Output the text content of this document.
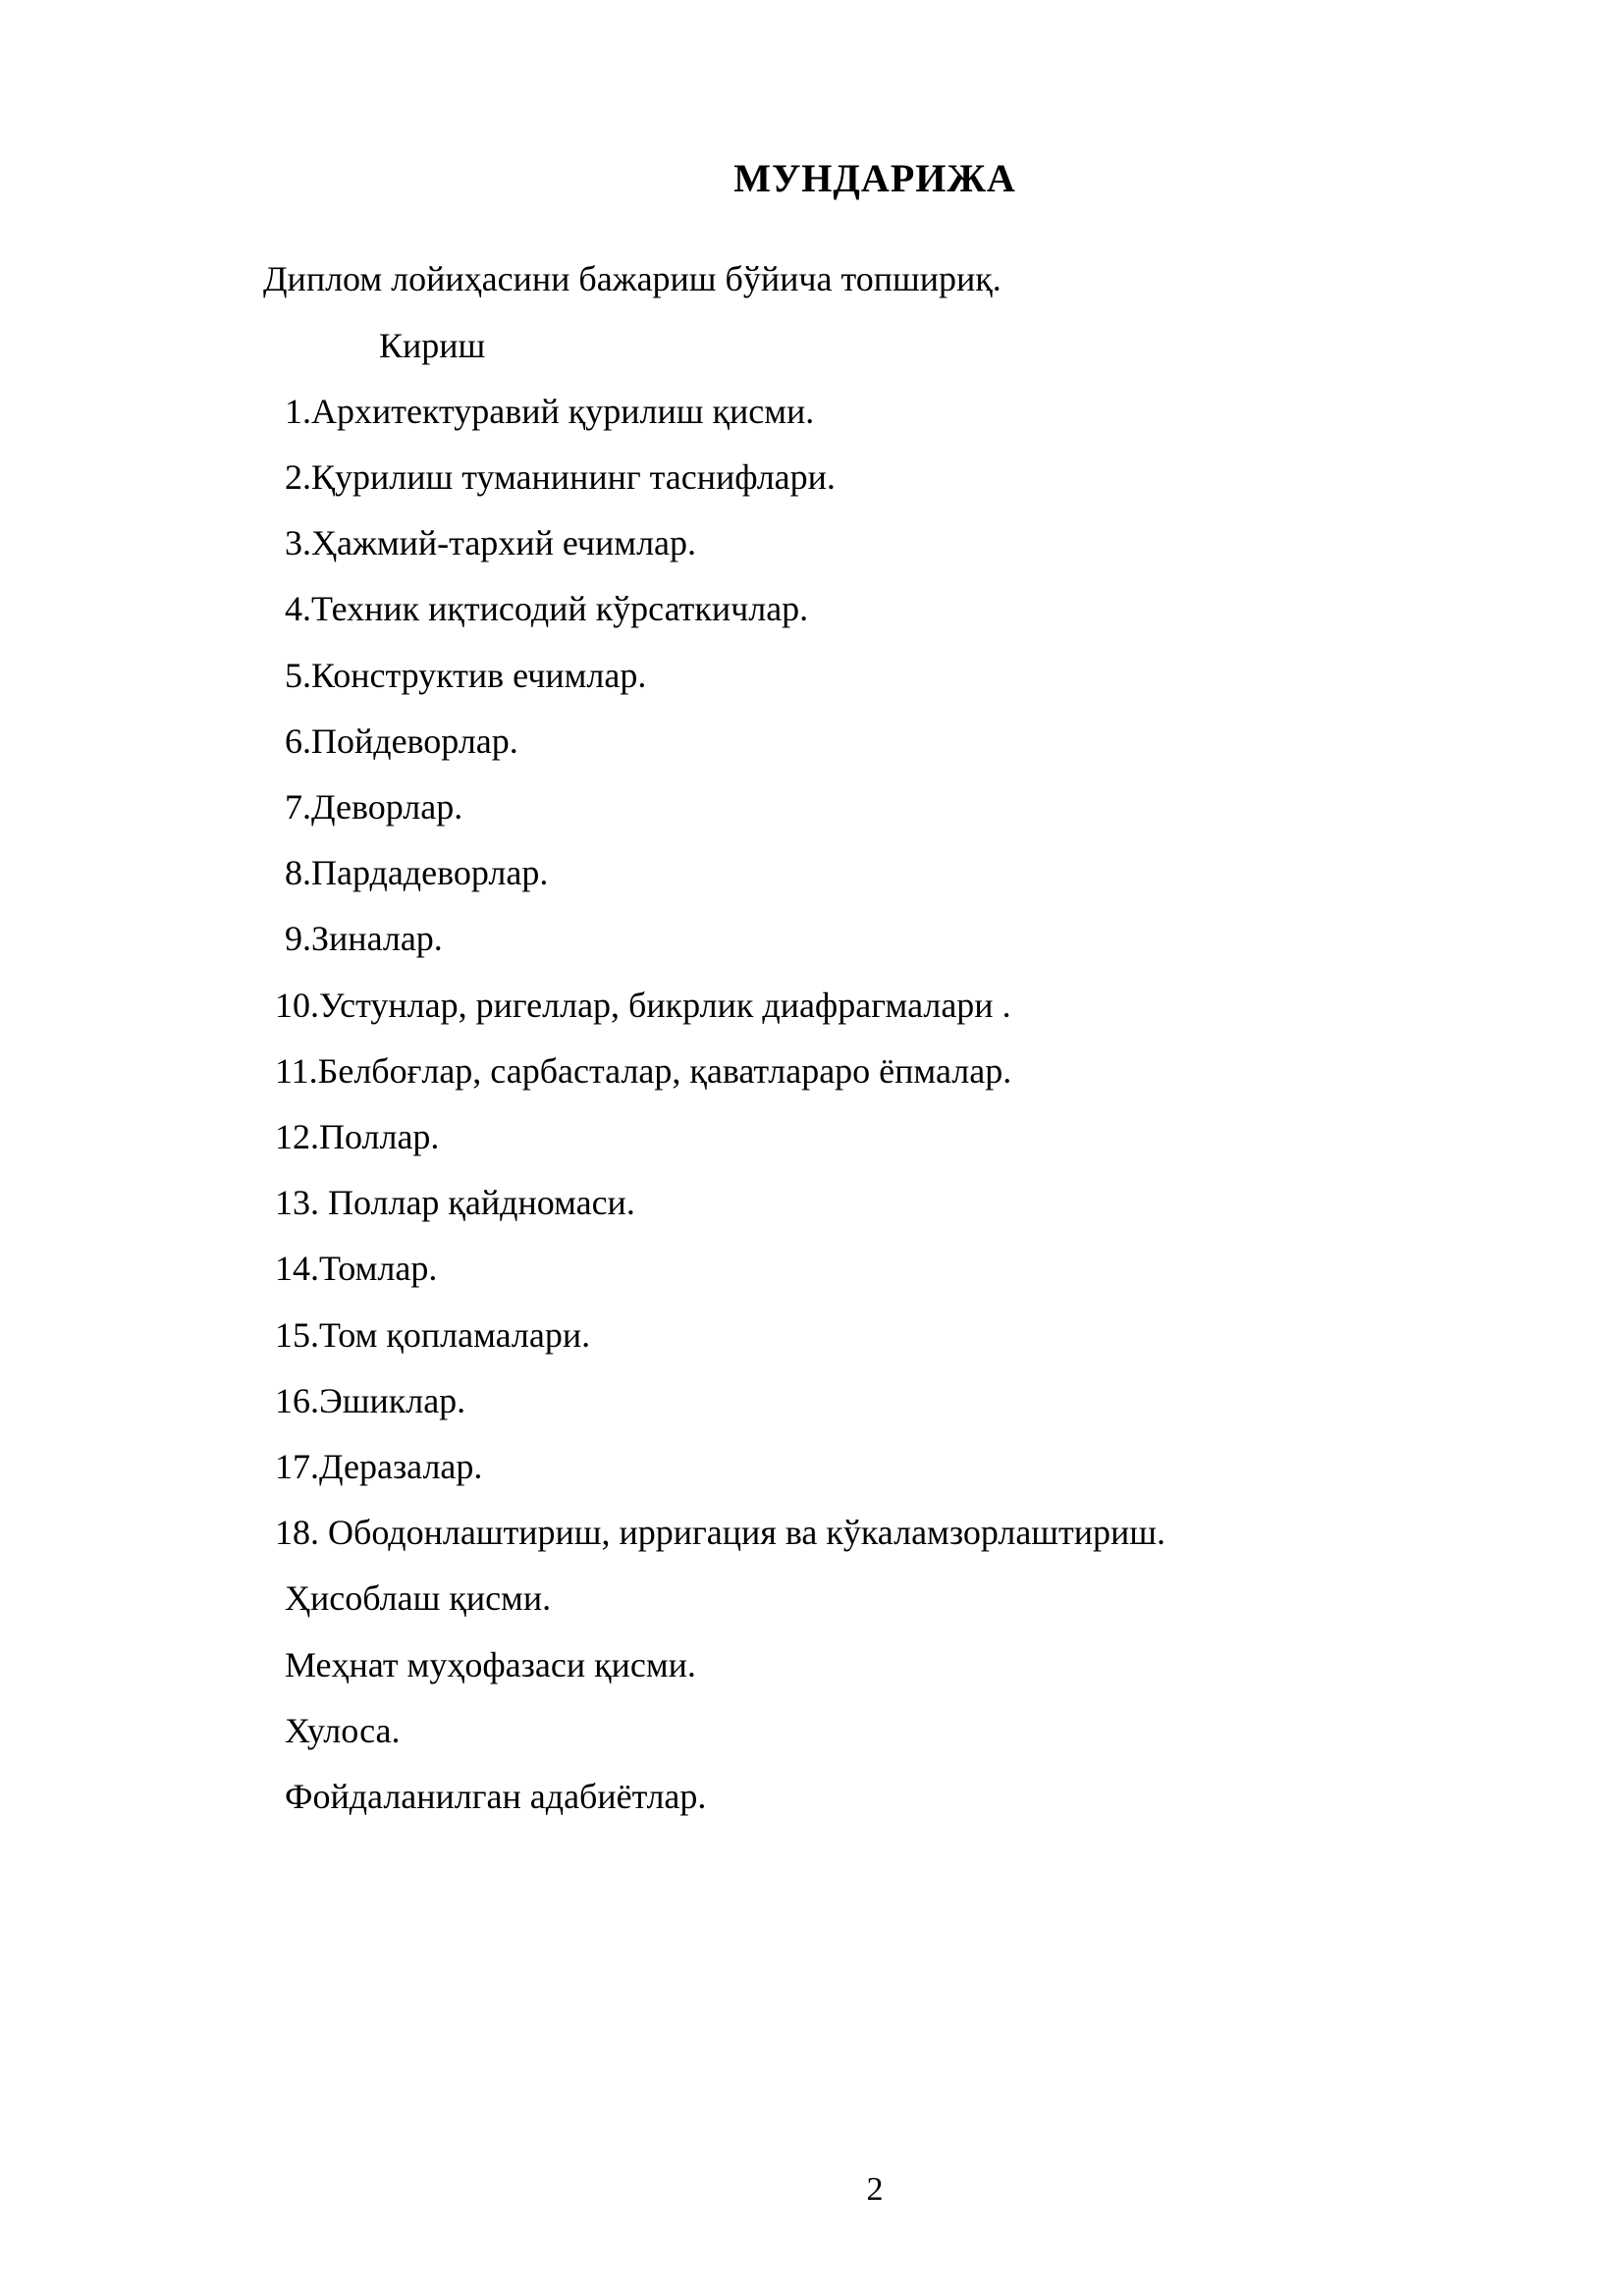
МУНДАРИЖА
Диплом лойиҳасини бажариш бўйича топшириқ.
Кириш
1.Архитектуравий қурилиш қисми.
2.Қурилиш туманининг таснифлари.
3.Ҳажмий-тархий ечимлар.
4.Техник иқтисодий кўрсаткичлар.
5.Конструктив ечимлар.
6.Пойдеворлар.
7.Деворлар.
8.Пардадеворлар.
9.Зиналар.
10.Устунлар, ригеллар, бикрлик диафрагмалари .
11.Белбоғлар, сарбасталар, қаватлараро ёпмалар.
12.Поллар.
13. Поллар қайдномаси.
14.Томлар.
15.Том қопламалари.
16.Эшиклар.
17.Деразалар.
18. Ободонлаштириш, ирригация ва кўкаламзорлаштириш.
Ҳисоблаш қисми.
Меҳнат муҳофазаси қисми.
Хулоса.
Фойдаланилган адабиётлар.
2
